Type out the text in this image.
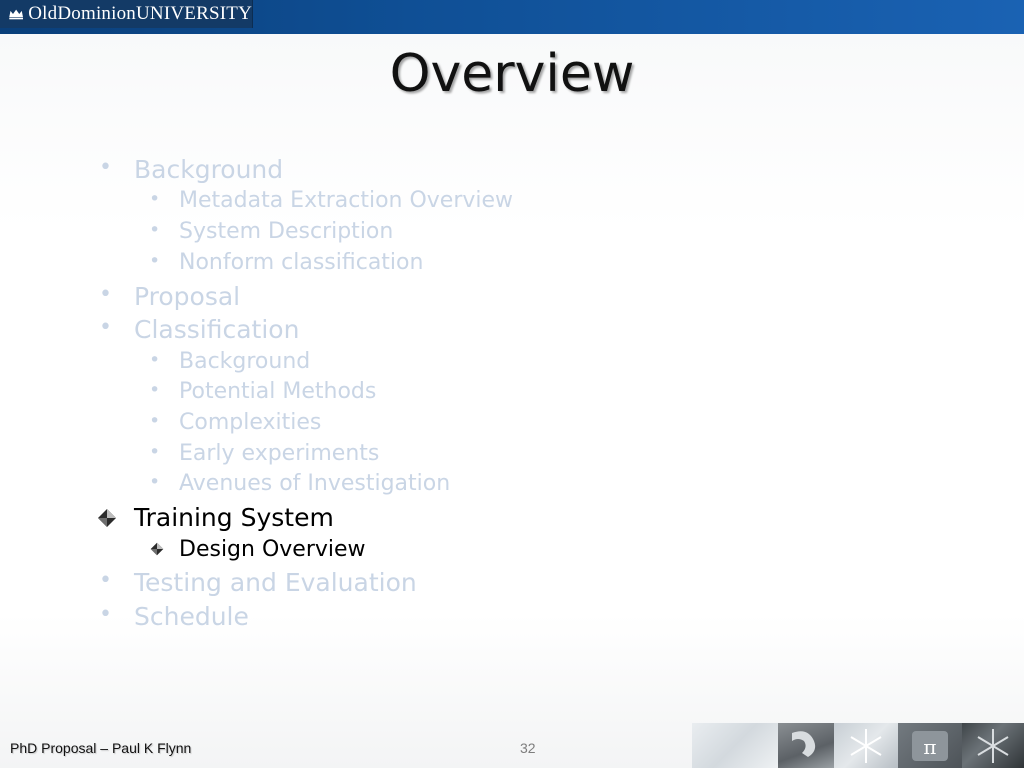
OldDominionUNIVERSITY
Overview
• Background
• Metadata Extraction Overview
• System Description
• Nonform classification
• Proposal
• Classification
• Background
• Potential Methods
• Complexities
• Early experiments
• Avenues of Investigation
Training System
Design Overview
• Testing and Evaluation
• Schedule
PhD Proposal – Paul K Flynn	32	π
